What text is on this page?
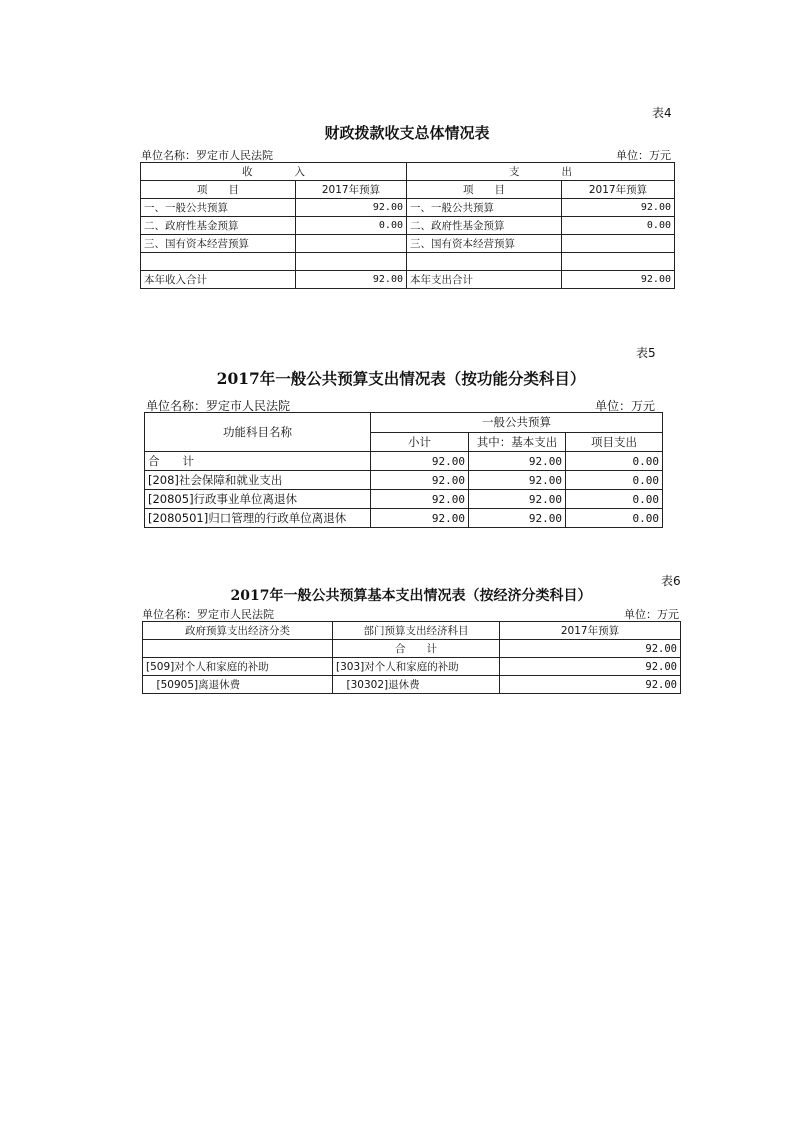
表4
财政拨款收支总体情况表
单位名称：罗定市人民法院	单位：万元
收　　　　入		支　　　　出	
项　　目	2017年预算	项　　目	2017年预算
一、一般公共预算	92.00	一、一般公共预算	92.00
二、政府性基金预算	0.00	二、政府性基金预算	0.00
三、国有资本经营预算		三、国有资本经营预算	

本年收入合计	92.00	本年支出合计	92.00
表5
2017年一般公共预算支出情况表（按功能分类科目）
单位名称：罗定市人民法院	单位：万元
功能科目名称	一般公共预算		
	小计	其中：基本支出	项目支出
合　　计	92.00	92.00	0.00
[208]社会保障和就业支出	92.00	92.00	0.00
[20805]行政事业单位离退休	92.00	92.00	0.00
[2080501]归口管理的行政单位离退休	92.00	92.00	0.00
表6
2017年一般公共预算基本支出情况表（按经济分类科目）
单位名称：罗定市人民法院	单位：万元
政府预算支出经济分类	部门预算支出经济科目	2017年预算
	合　　计	92.00
[509]对个人和家庭的补助	[303]对个人和家庭的补助	92.00
　[50905]离退休费	　[30302]退休费	92.00
